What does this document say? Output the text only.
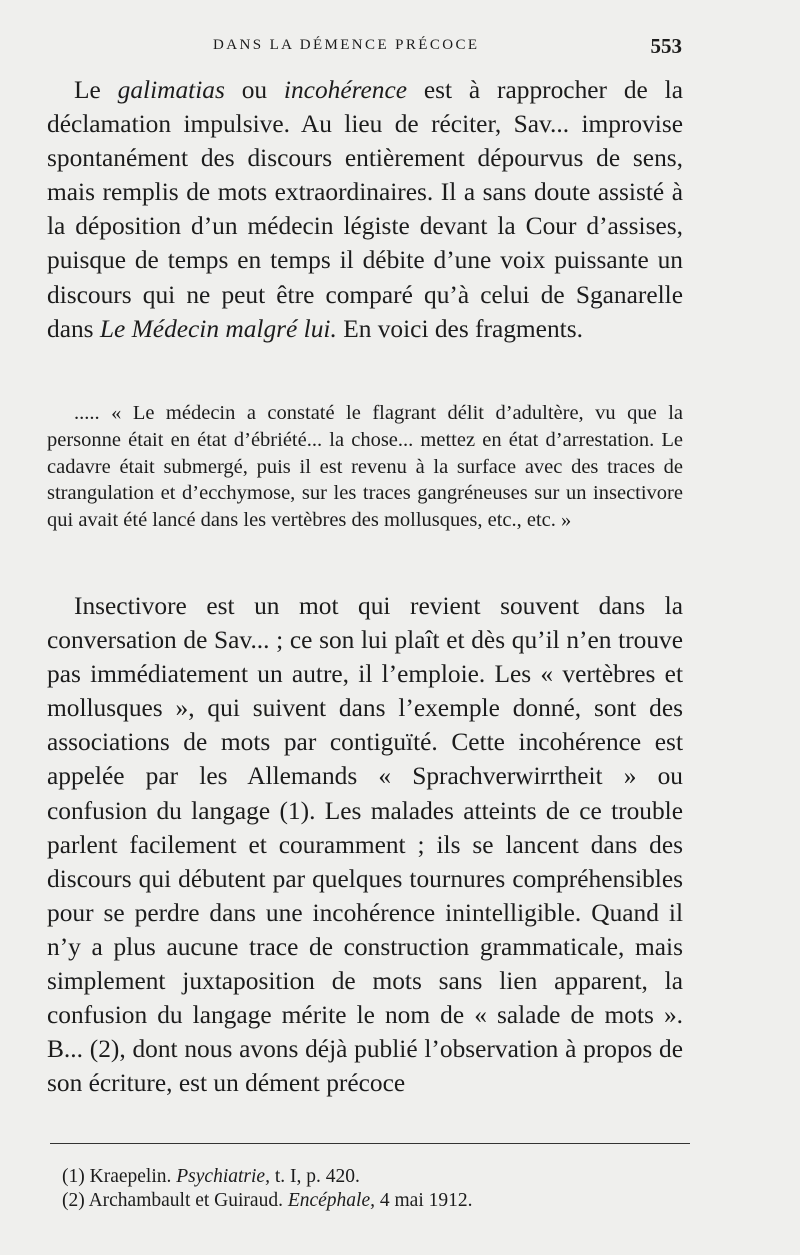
DANS LA DÉMENCE PRÉCOCE	553

Le galimatias ou incohérence est à rapprocher de la déclamation impulsive. Au lieu de réciter, Sav... improvise spontanément des discours entièrement dépourvus de sens, mais remplis de mots extraordinaires. Il a sans doute assisté à la déposition d’un médecin légiste devant la Cour d’assises, puisque de temps en temps il débite d’une voix puissante un discours qui ne peut être comparé qu’à celui de Sganarelle dans Le Médecin malgré lui. En voici des fragments.

..... « Le médecin a constaté le flagrant délit d’adultère, vu que la personne était en état d’ébriété... la chose... mettez en état d’arrestation. Le cadavre était submergé, puis il est revenu à la surface avec des traces de strangulation et d’ecchymose, sur les traces gangréneuses sur un insectivore qui avait été lancé dans les vertèbres des mollusques, etc., etc. »

Insectivore est un mot qui revient souvent dans la conversation de Sav... ; ce son lui plaît et dès qu’il n’en trouve pas immédiatement un autre, il l’emploie. Les « vertèbres et mollusques », qui suivent dans l’exemple donné, sont des associations de mots par contiguïté. Cette incohérence est appelée par les Allemands « Sprachverwirrtheit » ou confusion du langage (1). Les malades atteints de ce trouble parlent facilement et couramment ; ils se lancent dans des discours qui débutent par quelques tournures compréhensibles pour se perdre dans une incohérence inintelligible. Quand il n’y a plus aucune trace de construction grammaticale, mais simplement juxtaposition de mots sans lien apparent, la confusion du langage mérite le nom de « salade de mots ». B... (2), dont nous avons déjà publié l’observation à propos de son écriture, est un dément précoce

(1) Kraepelin. Psychiatrie, t. I, p. 420.

(2) Archambault et Guiraud. Encéphale, 4 mai 1912.
